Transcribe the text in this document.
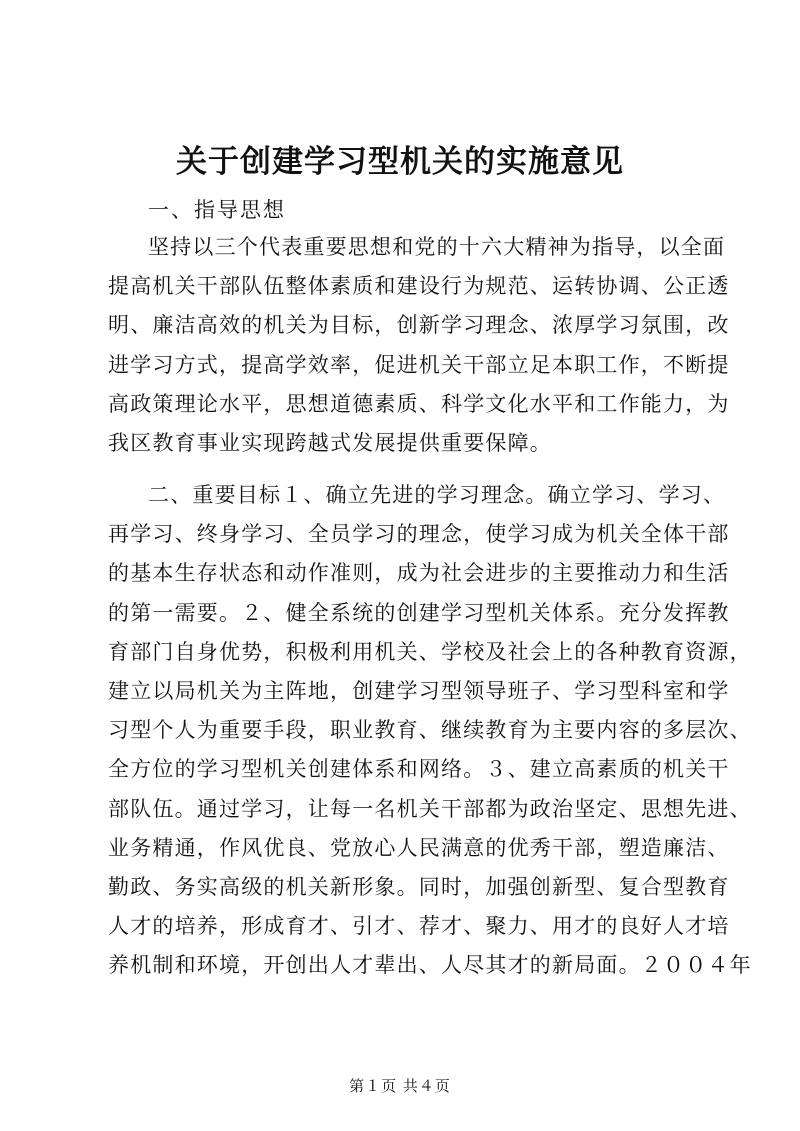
关于创建学习型机关的实施意见
一、指导思想
坚持以三个代表重要思想和党的十六大精神为指导，以全面
提高机关干部队伍整体素质和建设行为规范、运转协调、公正透
明、廉洁高效的机关为目标，创新学习理念、浓厚学习氛围，改
进学习方式，提高学效率，促进机关干部立足本职工作，不断提
高政策理论水平，思想道德素质、科学文化水平和工作能力，为
我区教育事业实现跨越式发展提供重要保障。
二、重要目标１、确立先进的学习理念。确立学习、学习、
再学习、终身学习、全员学习的理念，使学习成为机关全体干部
的基本生存状态和动作准则，成为社会进步的主要推动力和生活
的第一需要。２、健全系统的创建学习型机关体系。充分发挥教
育部门自身优势，积极利用机关、学校及社会上的各种教育资源，
建立以局机关为主阵地，创建学习型领导班子、学习型科室和学
习型个人为重要手段，职业教育、继续教育为主要内容的多层次、
全方位的学习型机关创建体系和网络。３、建立高素质的机关干
部队伍。通过学习，让每一名机关干部都为政治坚定、思想先进、
业务精通，作风优良、党放心人民满意的优秀干部，塑造廉洁、
勤政、务实高级的机关新形象。同时，加强创新型、复合型教育
人才的培养，形成育才、引才、荐才、聚力、用才的良好人才培
养机制和环境，开创出人才辈出、人尽其才的新局面。２００４年
第１页 共４页
